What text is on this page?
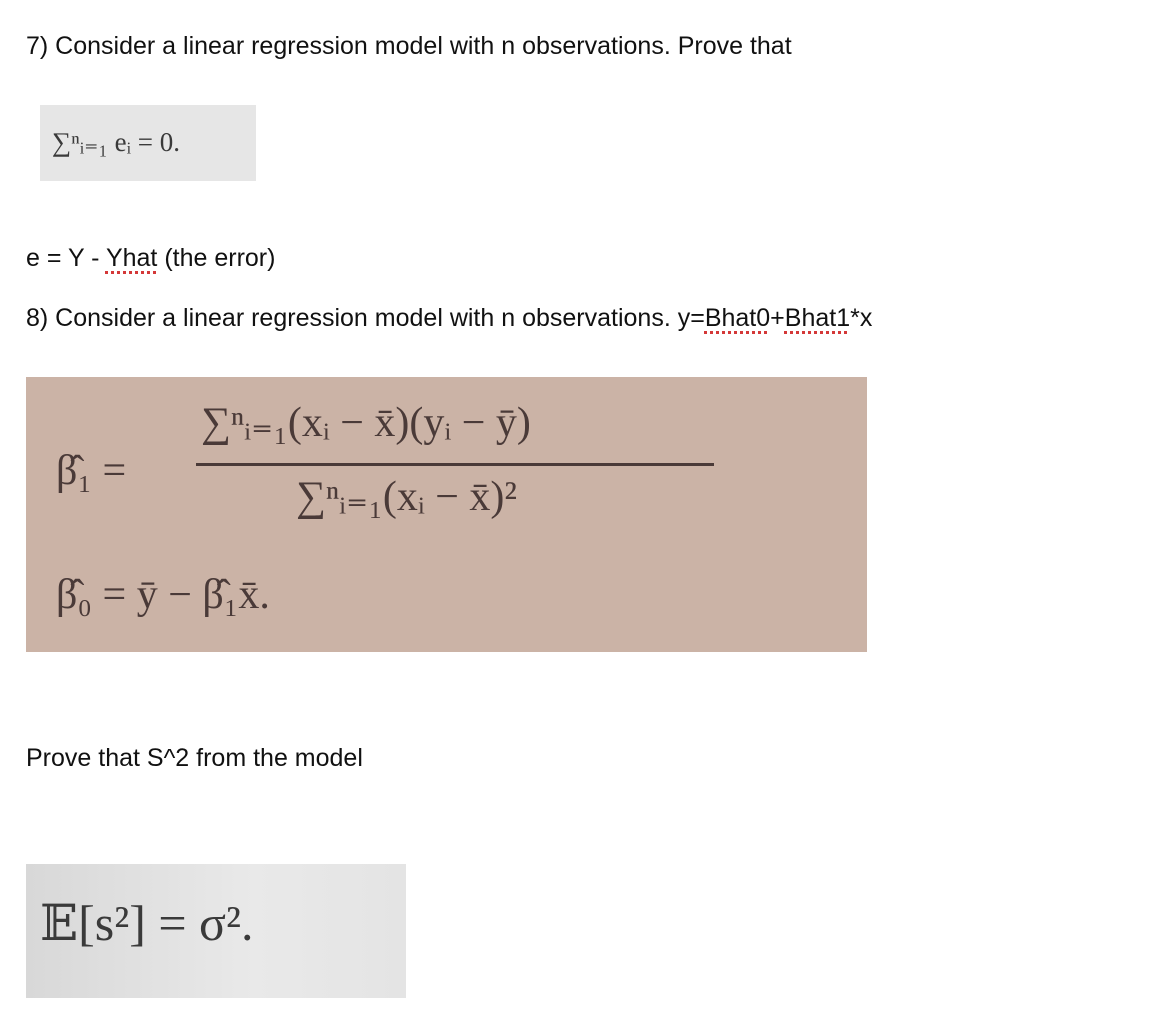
7) Consider a linear regression model with n observations. Prove that
∑ⁿᵢ₌₁ eᵢ = 0.
e = Y - Yhat (the error)
8) Consider a linear regression model with n observations. y=Bhat0+Bhat1*x
β̂₁ =
∑ⁿᵢ₌₁(xᵢ − x̄)(yᵢ − ȳ)
∑ⁿᵢ₌₁(xᵢ − x̄)²
β̂₀ = ȳ − β̂₁x̄.
Prove that S^2 from the model
𝔼[s²] = σ².
